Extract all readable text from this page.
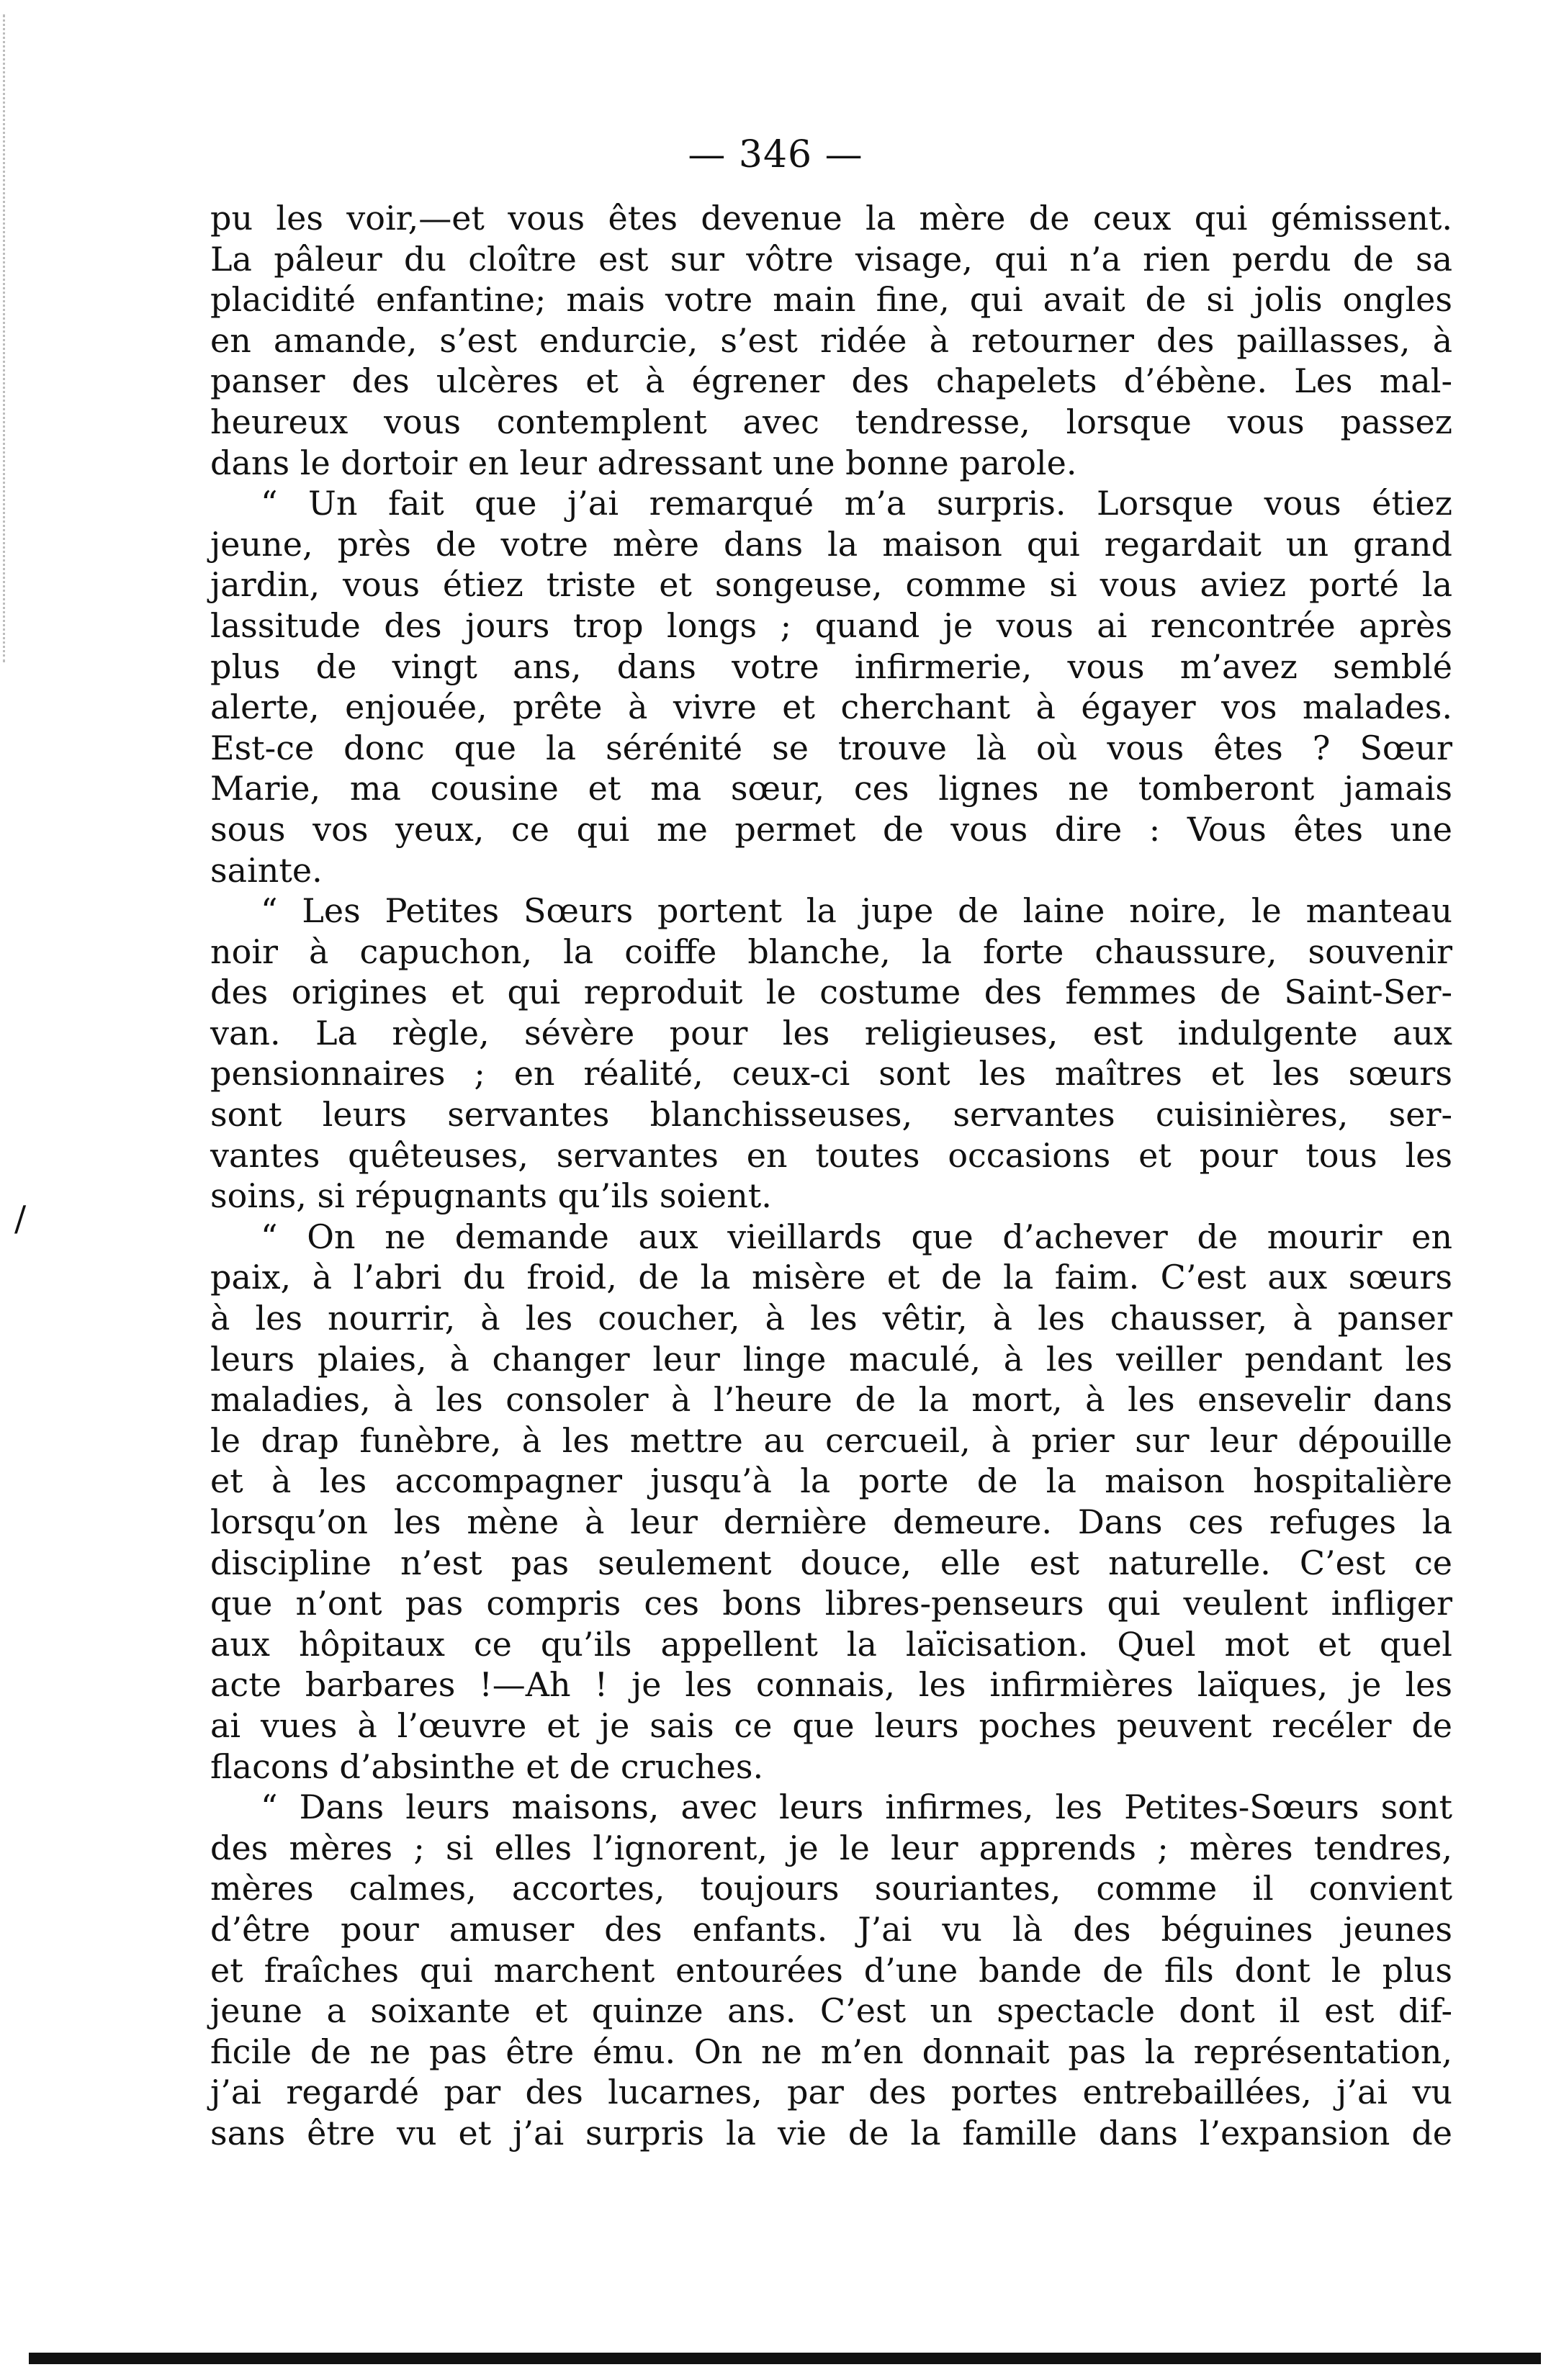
— 346 —
pu les voir,—et vous êtes devenue la mère de ceux qui gémissent.
La pâleur du cloître est sur vôtre visage, qui n’a rien perdu de sa
placidité enfantine; mais votre main fine, qui avait de si jolis ongles
en amande, s’est endurcie, s’est ridée à retourner des paillasses, à
panser des ulcères et à égrener des chapelets d’ébène. Les mal-
heureux vous contemplent avec tendresse, lorsque vous passez
dans le dortoir en leur adressant une bonne parole.
“ Un fait que j’ai remarqué m’a surpris. Lorsque vous étiez
jeune, près de votre mère dans la maison qui regardait un grand
jardin, vous étiez triste et songeuse, comme si vous aviez porté la
lassitude des jours trop longs ; quand je vous ai rencontrée après
plus de vingt ans, dans votre infirmerie, vous m’avez semblé
alerte, enjouée, prête à vivre et cherchant à égayer vos malades.
Est-ce donc que la sérénité se trouve là où vous êtes ? Sœur
Marie, ma cousine et ma sœur, ces lignes ne tomberont jamais
sous vos yeux, ce qui me permet de vous dire : Vous êtes une
sainte.
“ Les Petites Sœurs portent la jupe de laine noire, le manteau
noir à capuchon, la coiffe blanche, la forte chaussure, souvenir
des origines et qui reproduit le costume des femmes de Saint-Ser-
van. La règle, sévère pour les religieuses, est indulgente aux
pensionnaires ; en réalité, ceux-ci sont les maîtres et les sœurs
sont leurs servantes blanchisseuses, servantes cuisinières, ser-
vantes quêteuses, servantes en toutes occasions et pour tous les
soins, si répugnants qu’ils soient.
“ On ne demande aux vieillards que d’achever de mourir en
paix, à l’abri du froid, de la misère et de la faim. C’est aux sœurs
à les nourrir, à les coucher, à les vêtir, à les chausser, à panser
leurs plaies, à changer leur linge maculé, à les veiller pendant les
maladies, à les consoler à l’heure de la mort, à les ensevelir dans
le drap funèbre, à les mettre au cercueil, à prier sur leur dépouille
et à les accompagner jusqu’à la porte de la maison hospitalière
lorsqu’on les mène à leur dernière demeure. Dans ces refuges la
discipline n’est pas seulement douce, elle est naturelle. C’est ce
que n’ont pas compris ces bons libres-penseurs qui veulent infliger
aux hôpitaux ce qu’ils appellent la laïcisation. Quel mot et quel
acte barbares !—Ah ! je les connais, les infirmières laïques, je les
ai vues à l’œuvre et je sais ce que leurs poches peuvent recéler de
flacons d’absinthe et de cruches.
“ Dans leurs maisons, avec leurs infirmes, les Petites-Sœurs sont
des mères ; si elles l’ignorent, je le leur apprends ; mères tendres,
mères calmes, accortes, toujours souriantes, comme il convient
d’être pour amuser des enfants. J’ai vu là des béguines jeunes
et fraîches qui marchent entourées d’une bande de fils dont le plus
jeune a soixante et quinze ans. C’est un spectacle dont il est dif-
ficile de ne pas être ému. On ne m’en donnait pas la représentation,
j’ai regardé par des lucarnes, par des portes entrebaillées, j’ai vu
sans être vu et j’ai surpris la vie de la famille dans l’expansion de
/
